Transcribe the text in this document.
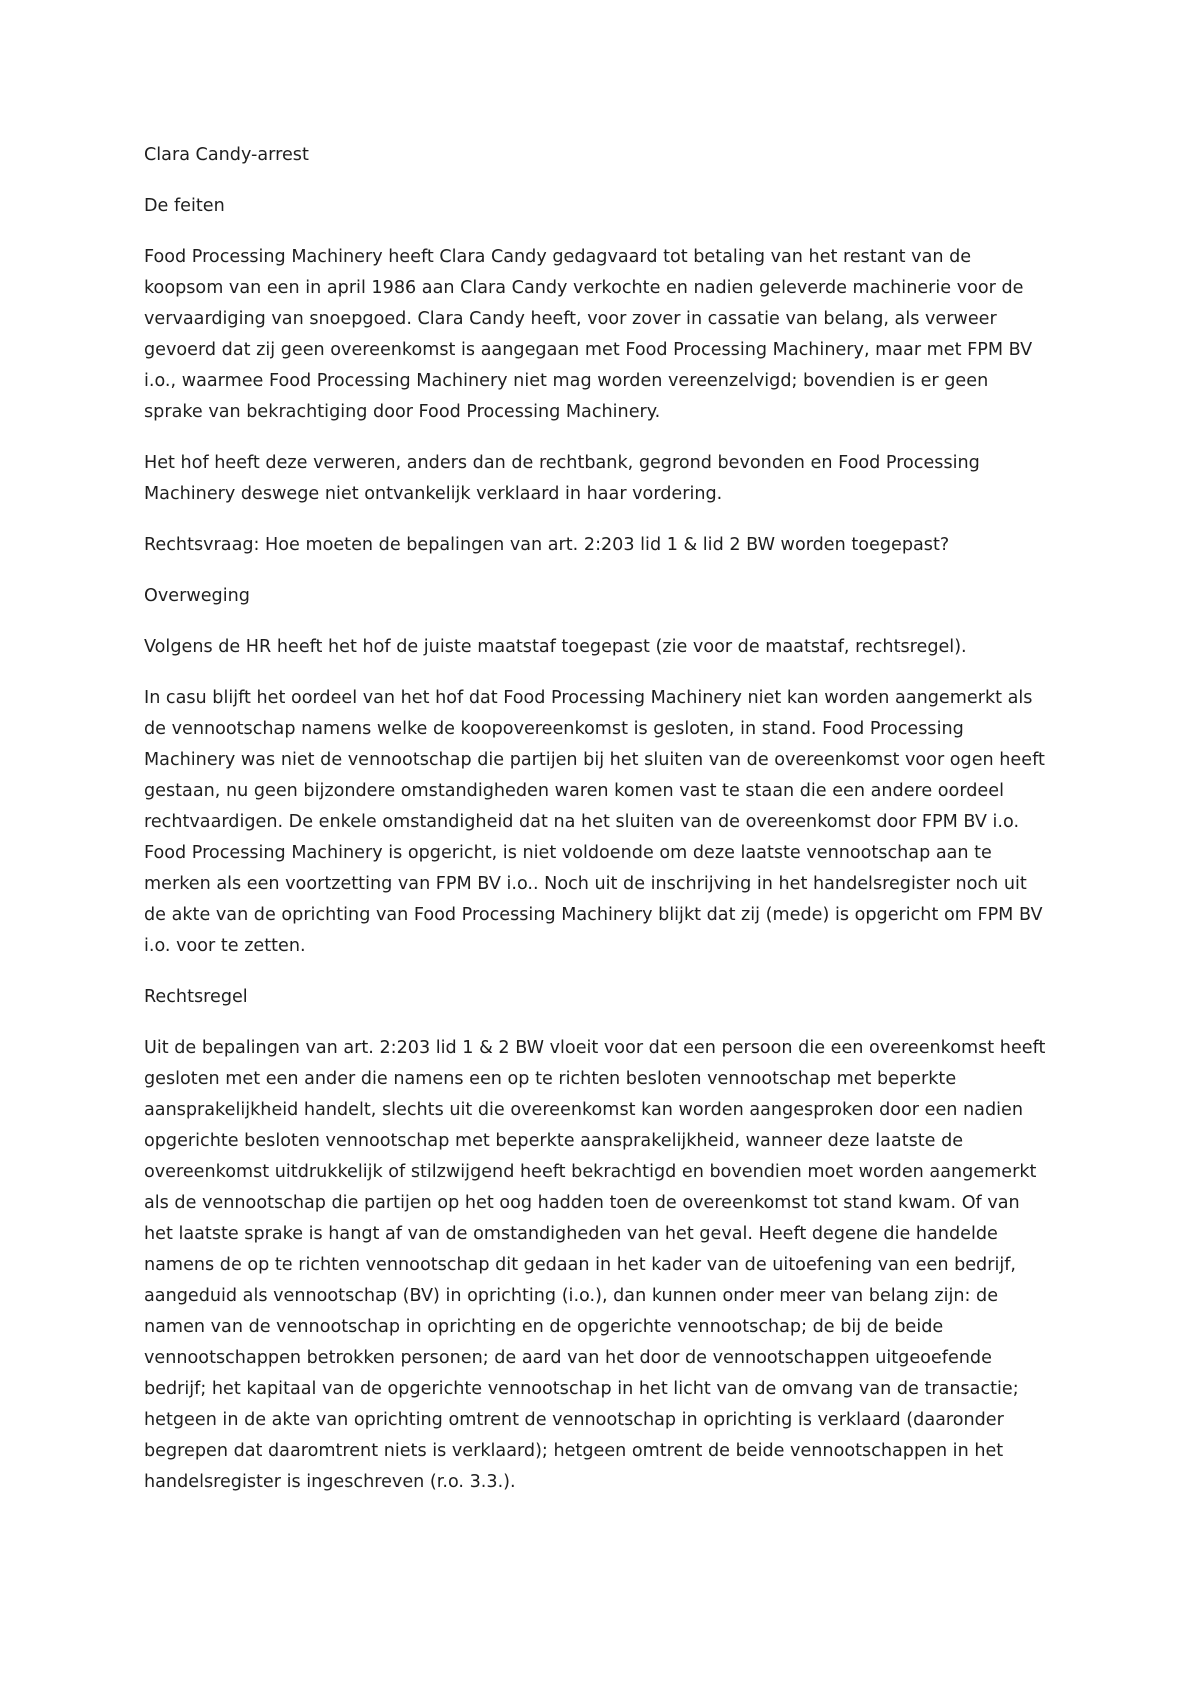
Clara Candy-arrest

De feiten

Food Processing Machinery heeft Clara Candy gedagvaard tot betaling van het restant van de koopsom van een in april 1986 aan Clara Candy verkochte en nadien geleverde machinerie voor de vervaardiging van snoepgoed. Clara Candy heeft, voor zover in cassatie van belang, als verweer gevoerd dat zij geen overeenkomst is aangegaan met Food Processing Machinery, maar met FPM BV i.o., waarmee Food Processing Machinery niet mag worden vereenzelvigd; bovendien is er geen sprake van bekrachtiging door Food Processing Machinery.

Het hof heeft deze verweren, anders dan de rechtbank, gegrond bevonden en Food Processing Machinery deswege niet ontvankelijk verklaard in haar vordering.

Rechtsvraag: Hoe moeten de bepalingen van art. 2:203 lid 1 & lid 2 BW worden toegepast?

Overweging

Volgens de HR heeft het hof de juiste maatstaf toegepast (zie voor de maatstaf, rechtsregel).

In casu blijft het oordeel van het hof dat Food Processing Machinery niet kan worden aangemerkt als de vennootschap namens welke de koopovereenkomst is gesloten, in stand. Food Processing Machinery was niet de vennootschap die partijen bij het sluiten van de overeenkomst voor ogen heeft gestaan, nu geen bijzondere omstandigheden waren komen vast te staan die een andere oordeel rechtvaardigen. De enkele omstandigheid dat na het sluiten van de overeenkomst door FPM BV i.o. Food Processing Machinery is opgericht, is niet voldoende om deze laatste vennootschap aan te merken als een voortzetting van FPM BV i.o.. Noch uit de inschrijving in het handelsregister noch uit de akte van de oprichting van Food Processing Machinery blijkt dat zij (mede) is opgericht om FPM BV i.o. voor te zetten.

Rechtsregel

Uit de bepalingen van art. 2:203 lid 1 & 2 BW vloeit voor dat een persoon die een overeenkomst heeft gesloten met een ander die namens een op te richten besloten vennootschap met beperkte aansprakelijkheid handelt, slechts uit die overeenkomst kan worden aangesproken door een nadien opgerichte besloten vennootschap met beperkte aansprakelijkheid, wanneer deze laatste de overeenkomst uitdrukkelijk of stilzwijgend heeft bekrachtigd en bovendien moet worden aangemerkt als de vennootschap die partijen op het oog hadden toen de overeenkomst tot stand kwam. Of van het laatste sprake is hangt af van de omstandigheden van het geval. Heeft degene die handelde namens de op te richten vennootschap dit gedaan in het kader van de uitoefening van een bedrijf, aangeduid als vennootschap (BV) in oprichting (i.o.), dan kunnen onder meer van belang zijn: de namen van de vennootschap in oprichting en de opgerichte vennootschap; de bij de beide vennootschappen betrokken personen; de aard van het door de vennootschappen uitgeoefende bedrijf; het kapitaal van de opgerichte vennootschap in het licht van de omvang van de transactie; hetgeen in de akte van oprichting omtrent de vennootschap in oprichting is verklaard (daaronder begrepen dat daaromtrent niets is verklaard); hetgeen omtrent de beide vennootschappen in het handelsregister is ingeschreven (r.o. 3.3.).
